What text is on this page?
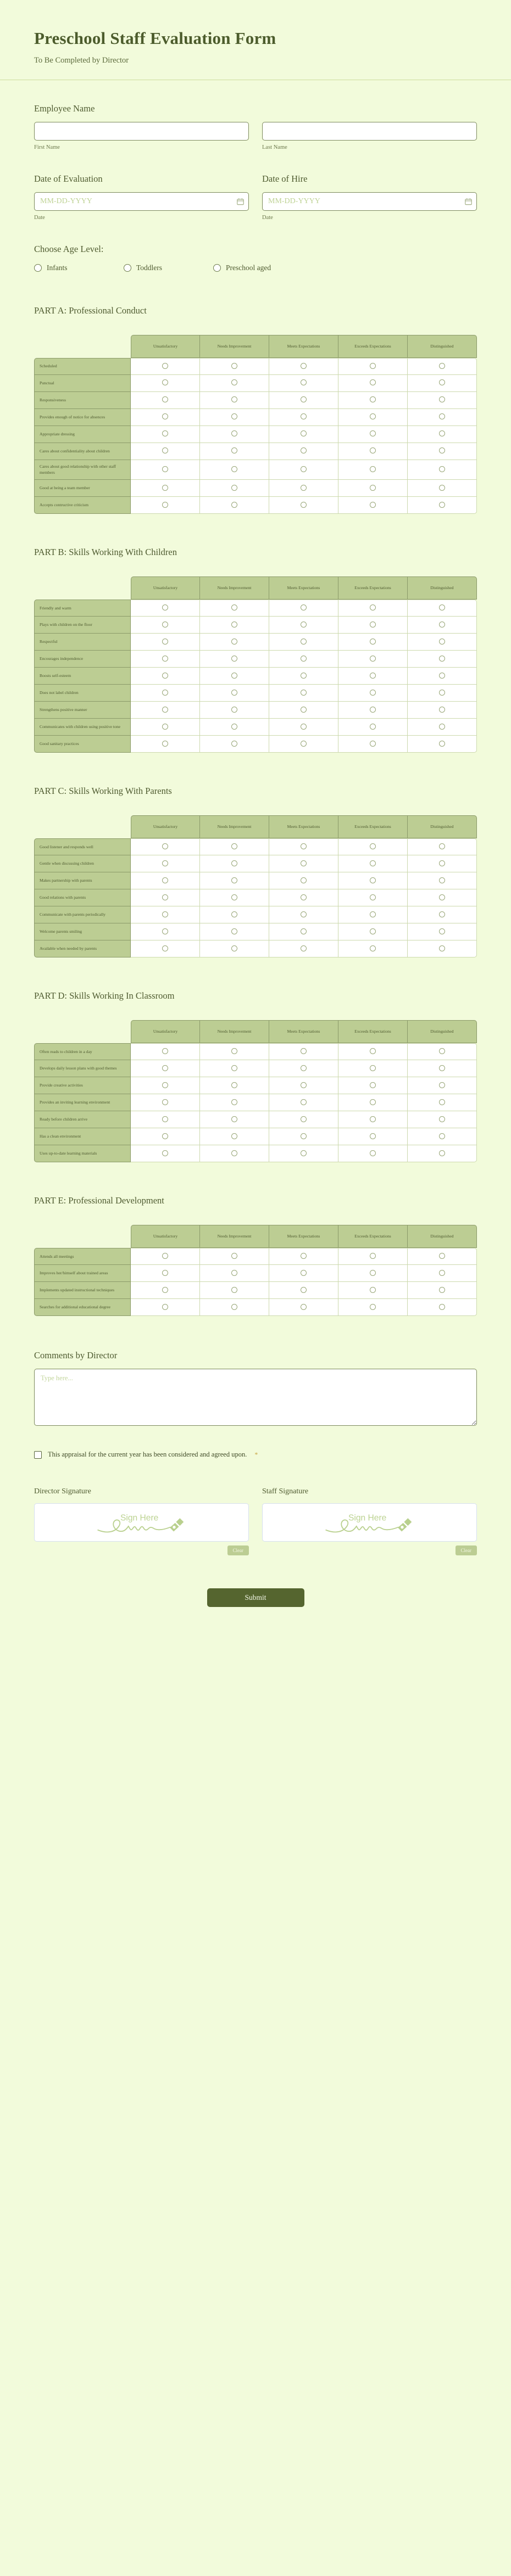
Preschool Staff Evaluation Form

To Be Completed by Director

Employee Name
First Name	Last Name
Date of Evaluation
MM-DD-YYYY
Date
Date of Hire
MM-DD-YYYY
Date
Choose Age Level:
Infants	Toddlers	Preschool aged
PART A: Professional Conduct
	Unsatisfactory	Needs Improvement	Meets Expectations	Exceeds Expectations	Distinguished
Scheduled					
Punctual					
Responsiveness					
Provides enough of notice for absences					
Appropriate dressing					
Cares about confidentiality about children					
Cares about good relationship with other staff members					
Good at being a team member					
Accepts contructive criticism					
PART B: Skills Working With Children
	Unsatisfactory	Needs Improvement	Meets Expectations	Exceeds Expectations	Distinguished
Friendly and warm					
Plays with children on the floor					
Respectful					
Encourages independence					
Boosts self-esteem					
Does not label children					
Strengthens positive manner					
Communicates with children using positive tone					
Good sanitary practices					
PART C: Skills Working With Parents
	Unsatisfactory	Needs Improvement	Meets Expectations	Exceeds Expectations	Distinguished
Good listener and responds well					
Gentle when discussing children					
Makes partnership with parents					
Good relations with parents					
Communicate with parents periodically					
Welcome parents smiling					
Available when needed by parents					
PART D: Skills Working In Classroom
	Unsatisfactory	Needs Improvement	Meets Expectations	Exceeds Expectations	Distinguished
Often reads to children in a day					
Develops daily lesson plans with good themes					
Provide creative activities					
Provides an inviting learning environment					
Ready before children arrive					
Has a clean environment					
Uses up-to-date learning materials					
PART E: Professional Development
	Unsatisfactory	Needs Improvement	Meets Expectations	Exceeds Expectations	Distinguished
Attends all meetings					
Improves her/himself about trained areas					
Implements updated instructional techniques					
Searches for additional educational degree					
Comments by Director
Type here...
This appraisal for the current year has been considered and agreed upon. *
Director Signature
Sign Here
Clear
Staff Signature
Sign Here
Clear
Submit
